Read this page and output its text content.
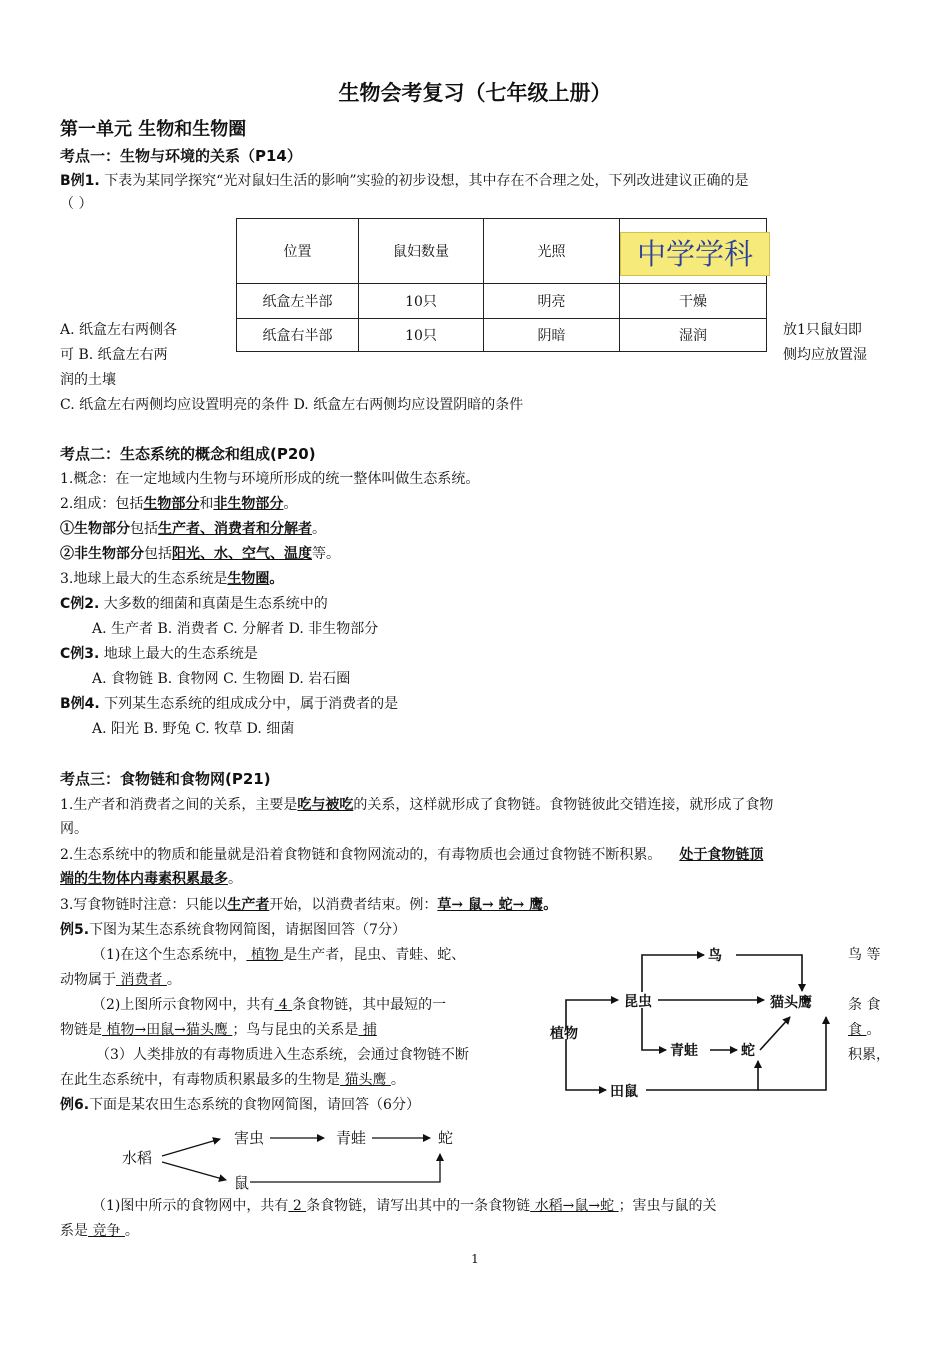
生物会考复习（七年级上册）
第一单元 生物和生物圈
考点一：生物与环境的关系（P14）
B例1. 下表为某同学探究“光对鼠妇生活的影响”实验的初步设想，其中存在不合理之处，下列改进建议正确的是
（ ）
位置	鼠妇数量	光照	
纸盒左半部	10只	明亮	干燥
纸盒右半部	10只	阴暗	湿润
中学学科
A. 纸盒左右两侧各	放1只鼠妇即
可 B. 纸盒左右两	侧均应放置湿
润的土壤
C. 纸盒左右两侧均应设置明亮的条件 D. 纸盒左右两侧均应设置阴暗的条件
考点二：生态系统的概念和组成(P20)
1.概念：在一定地域内生物与环境所形成的统一整体叫做生态系统。
2.组成：包括生物部分和非生物部分。
①生物部分包括生产者、消费者和分解者。
②非生物部分包括阳光、水、空气、温度等。
3.地球上最大的生态系统是生物圈。
C例2. 大多数的细菌和真菌是生态系统中的
A. 生产者 B. 消费者 C. 分解者 D. 非生物部分
C例3. 地球上最大的生态系统是
A. 食物链 B. 食物网 C. 生物圈 D. 岩石圈
B例4. 下列某生态系统的组成成分中，属于消费者的是
A. 阳光 B. 野兔 C. 牧草 D. 细菌
考点三：食物链和食物网(P21)
1.生产者和消费者之间的关系，主要是吃与被吃的关系，这样就形成了食物链。食物链彼此交错连接，就形成了食物
网。
2.生态系统中的物质和能量就是沿着食物链和食物网流动的，有毒物质也会通过食物链不断积累。 处于食物链顶
端的生物体内毒素积累最多。
3.写食物链时注意：只能以生产者开始，以消费者结束。例：草→ 鼠→ 蛇→ 鹰。
例5.下图为某生态系统食物网简图，请据图回答（7分）
（1)在这个生态系统中， 植物 是生产者，昆虫、青蛙、蛇、	鸟 等
动物属于 消费者 。
（2)上图所示食物网中，共有 4 条食物链，其中最短的一	条 食
物链是 植物→田鼠→猫头鹰 ；鸟与昆虫的关系是 捕	食 。
（3）人类排放的有毒物质进入生态系统，会通过食物链不断	积累，
在此生态系统中，有毒物质积累最多的生物是 猫头鹰 。
鸟
昆虫	猫头鹰
植物
青蛙	蛇
田鼠
例6.下面是某农田生态系统的食物网简图，请回答（6分）
水稻
害虫	青蛙	蛇
鼠
（1)图中所示的食物网中，共有 2 条食物链，请写出其中的一条食物链 水稻→鼠→蛇 ；害虫与鼠的关
系是 竞争 。
1
